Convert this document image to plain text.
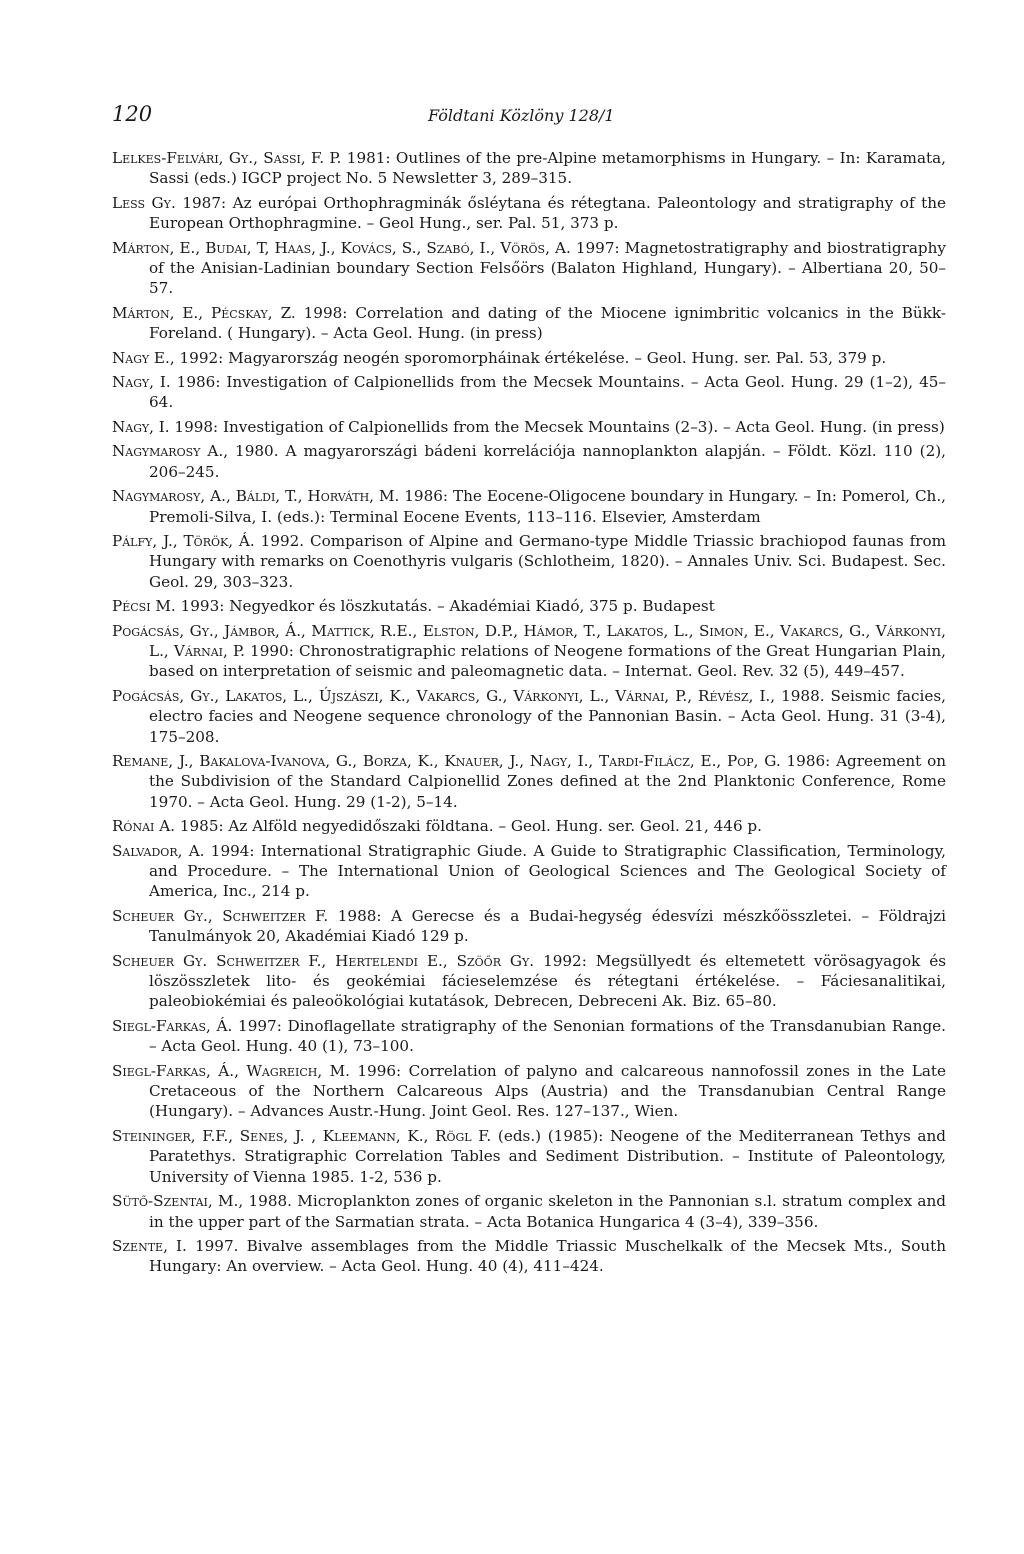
120	Földtani Közlöny 128/1
Lelkes-Felvári, Gy., Sassi, F. P. 1981: Outlines of the pre-Alpine metamorphisms in Hungary. – In: Karamata, Sassi (eds.) IGCP project No. 5 Newsletter 3, 289–315.
Less Gy. 1987: Az európai Orthophragminák ősléytana és rétegtana. Paleontology and stratigraphy of the European Orthophragmine. – Geol Hung., ser. Pal. 51, 373 p.
Márton, E., Budai, T, Haas, J., Kovács, S., Szabó, I., Vörös, A. 1997: Magnetostratigraphy and biostratigraphy of the Anisian-Ladinian boundary Section Felsőörs (Balaton Highland, Hungary). – Albertiana 20, 50–57.
Márton, E., Pécskay, Z. 1998: Correlation and dating of the Miocene ignimbritic volcanics in the Bükk-Foreland. ( Hungary). – Acta Geol. Hung. (in press)
Nagy E., 1992: Magyarország neogén sporomorpháinak értékelése. – Geol. Hung. ser. Pal. 53, 379 p.
Nagy, I. 1986: Investigation of Calpionellids from the Mecsek Mountains. – Acta Geol. Hung. 29 (1–2), 45–64.
Nagy, I. 1998: Investigation of Calpionellids from the Mecsek Mountains (2–3). – Acta Geol. Hung. (in press)
Nagymarosy A., 1980. A magyarországi bádeni korrelációja nannoplankton alapján. – Földt. Közl. 110 (2), 206–245.
Nagymarosy, A., Báldi, T., Horváth, M. 1986: The Eocene-Oligocene boundary in Hungary. – In: Pomerol, Ch., Premoli-Silva, I. (eds.): Terminal Eocene Events, 113–116. Elsevier, Amsterdam
Pálfy, J., Török, Á. 1992. Comparison of Alpine and Germano-type Middle Triassic brachiopod faunas from Hungary with remarks on Coenothyris vulgaris (Schlotheim, 1820). – Annales Univ. Sci. Budapest. Sec. Geol. 29, 303–323.
Pécsi M. 1993: Negyedkor és löszkutatás. – Akadémiai Kiadó, 375 p. Budapest
Pogácsás, Gy., Jámbor, Á., Mattick, R.E., Elston, D.P., Hámor, T., Lakatos, L., Simon, E., Vakarcs, G., Várkonyi, L., Várnai, P. 1990: Chronostratigraphic relations of Neogene formations of the Great Hungarian Plain, based on interpretation of seismic and paleomagnetic data. – Internat. Geol. Rev. 32 (5), 449–457.
Pogácsás, Gy., Lakatos, L., Újszászi, K., Vakarcs, G., Várkonyi, L., Várnai, P., Révész, I., 1988. Seismic facies, electro facies and Neogene sequence chronology of the Pannonian Basin. – Acta Geol. Hung. 31 (3-4), 175–208.
Remane, J., Bakalova-Ivanova, G., Borza, K., Knauer, J., Nagy, I., Tardi-Filácz, E., Pop, G. 1986: Agreement on the Subdivision of the Standard Calpionellid Zones defined at the 2nd Planktonic Conference, Rome 1970. – Acta Geol. Hung. 29 (1-2), 5–14.
Rónai A. 1985: Az Alföld negyedidőszaki földtana. – Geol. Hung. ser. Geol. 21, 446 p.
Salvador, A. 1994: International Stratigraphic Giude. A Guide to Stratigraphic Classification, Terminology, and Procedure. – The International Union of Geological Sciences and The Geological Society of America, Inc., 214 p.
Scheuer Gy., Schweitzer F. 1988: A Gerecse és a Budai-hegység édesvízi mészkőösszletei. – Földrajzi Tanulmányok 20, Akadémiai Kiadó 129 p.
Scheuer Gy. Schweitzer F., Hertelendi E., Szöőr Gy. 1992: Megsüllyedt és eltemetett vörösagyagok és löszösszletek lito- és geokémiai fácieselemzése és rétegtani értékelése. – Fáciesanalitikai, paleobiokémiai és paleoökológiai kutatások, Debrecen, Debreceni Ak. Biz. 65–80.
Siegl-Farkas, Á. 1997: Dinoflagellate stratigraphy of the Senonian formations of the Transdanubian Range. – Acta Geol. Hung. 40 (1), 73–100.
Siegl-Farkas, Á., Wagreich, M. 1996: Correlation of palyno and calcareous nannofossil zones in the Late Cretaceous of the Northern Calcareous Alps (Austria) and the Transdanubian Central Range (Hungary). – Advances Austr.-Hung. Joint Geol. Res. 127–137., Wien.
Steininger, F.F., Senes, J. , Kleemann, K., Rögl F. (eds.) (1985): Neogene of the Mediterranean Tethys and Paratethys. Stratigraphic Correlation Tables and Sediment Distribution. – Institute of Paleontology, University of Vienna 1985. 1-2, 536 p.
Sütő-Szentai, M., 1988. Microplankton zones of organic skeleton in the Pannonian s.l. stratum complex and in the upper part of the Sarmatian strata. – Acta Botanica Hungarica 4 (3–4), 339–356.
Szente, I. 1997. Bivalve assemblages from the Middle Triassic Muschelkalk of the Mecsek Mts., South Hungary: An overview. – Acta Geol. Hung. 40 (4), 411–424.
